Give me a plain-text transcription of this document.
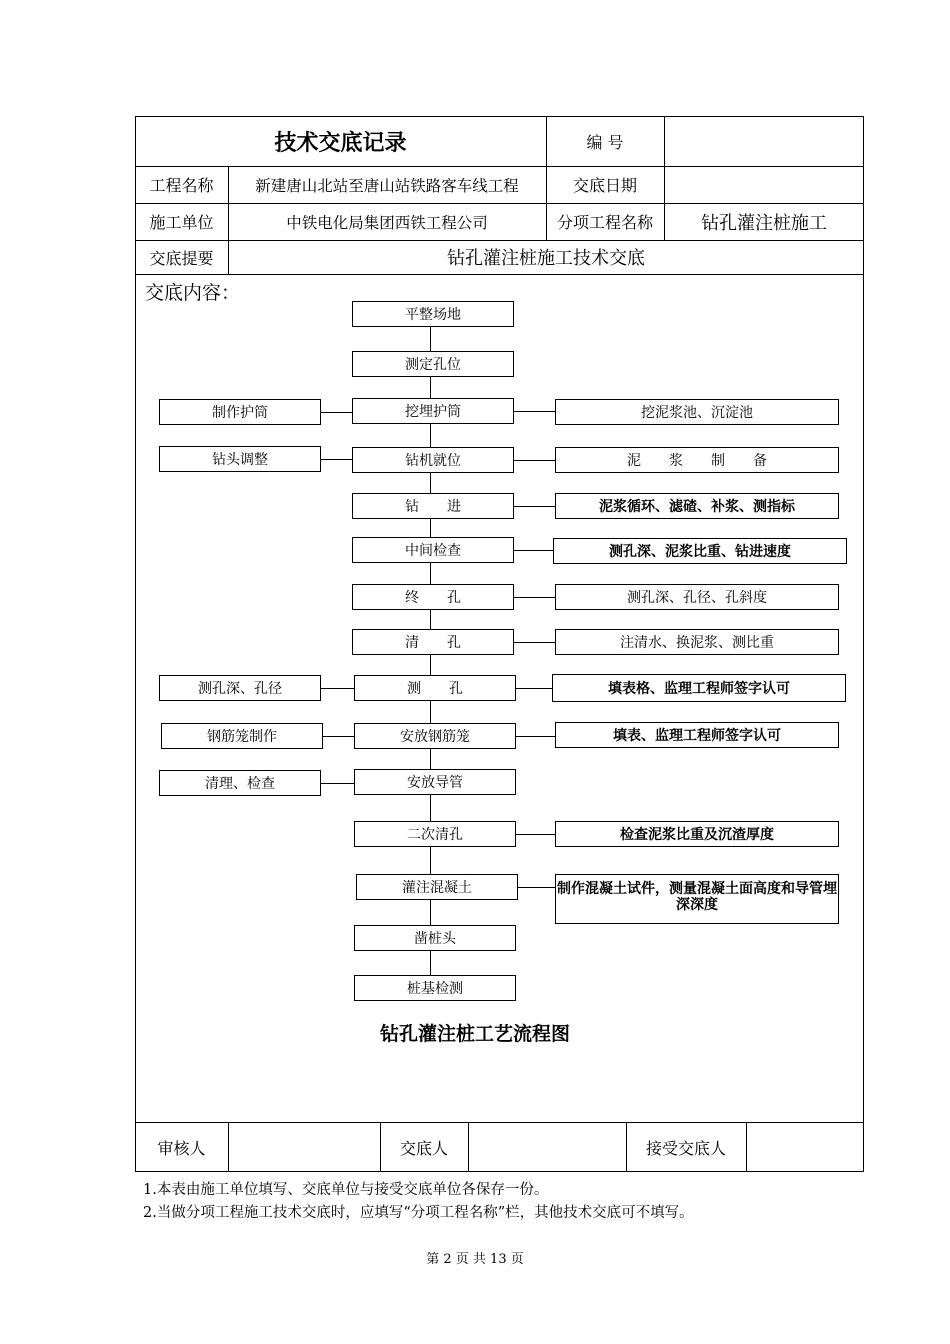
技术交底记录	编 号
工程名称	新建唐山北站至唐山站铁路客车线工程	交底日期
施工单位	中铁电化局集团西铁工程公司	分项工程名称	钻孔灌注桩施工
交底提要	钻孔灌注桩施工技术交底
交底内容：
平整场地
测定孔位
挖埋护筒
钻机就位
钻　　进
中间检查
终　　孔
清　　孔
测　　孔
安放钢筋笼
安放导管
二次清孔
灌注混凝土
凿桩头
桩基检测
制作护筒
钻头调整
测孔深、孔径
钢筋笼制作
清理、检查
挖泥浆池、沉淀池
泥　　浆　　制　　备
泥浆循环、滤碴、补浆、测指标
测孔深、泥浆比重、钻进速度
测孔深、孔径、孔斜度
注清水、换泥浆、测比重
填表格、监理工程师签字认可
填表、监理工程师签字认可
检查泥浆比重及沉渣厚度
制作混凝土试件，测量混凝土面高度和导管埋深深度
钻孔灌注桩工艺流程图
审核人	交底人	接受交底人
1.本表由施工单位填写、交底单位与接受交底单位各保存一份。
2.当做分项工程施工技术交底时，应填写“分项工程名称”栏，其他技术交底可不填写。
第 2 页 共 13 页
